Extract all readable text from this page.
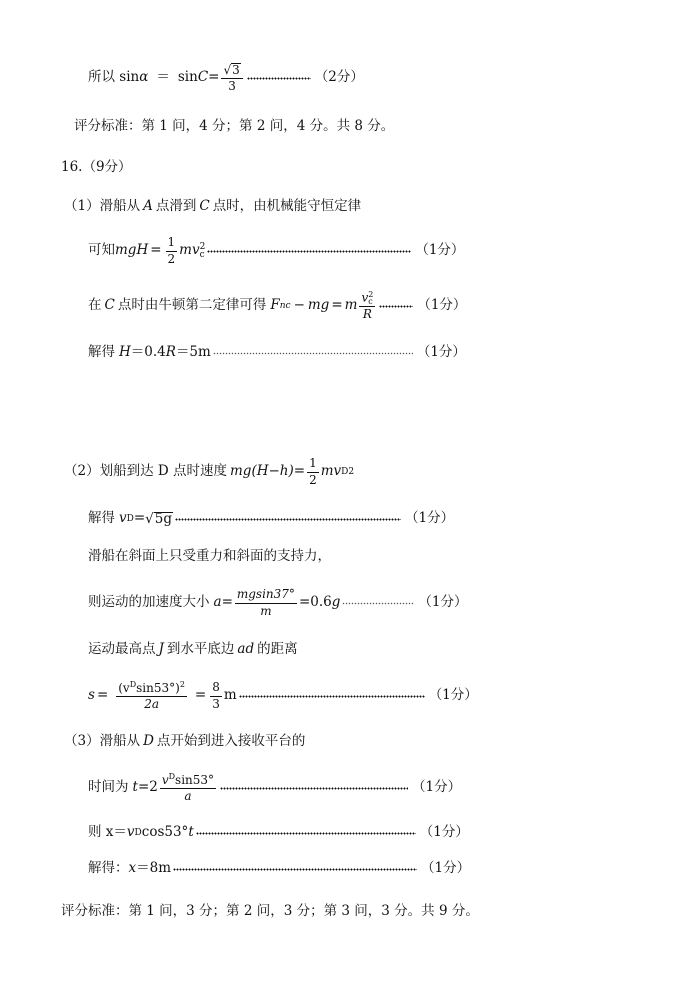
所以 $\sin \alpha = \sin C = \frac{√ 3}{3}$	（2分）
评分标准：第 1 问，4 分；第 2 问，4 分。共 8 分。
16.（9分）
（1）滑船从 A 点滑到 C 点时，由机械能守恒定律
可知 mgH = $\frac{1}{2}$ mv 2
c	（1分）
在 C 点时由牛顿第二定律可得 F nc − mg = m v 2
c
R	（1分）
解得 H ＝0.4 R ＝5m	（1分）
（2）划船到达 D 点时速度 mg $(H-h) = \frac{1}{2}$ mv D 2
解得 v D = √ 5g	（1分）
滑船在斜面上只受重力和斜面的支持力，
则运动的加速度大小 $a = \frac{mgsin37^\circ}{m} =0.6$ g	（1分）
运动最高点 J 到水平底边 ad 的距离
$s = \frac{(v^D\sin 53^\circ)^2}{2a} = \frac{8}{3}$ m	（1分）
（3）滑船从 D 点开始到进入接收平台的
时间为 $t =2 \frac{v^D\sin 53^\circ}{a}$	（1分）
则 x＝ v D cos53° t	（1分）
解得： x ＝8m	（1分）
评分标准：第 1 问，3 分；第 2 问，3 分；第 3 问，3 分。共 9 分。
